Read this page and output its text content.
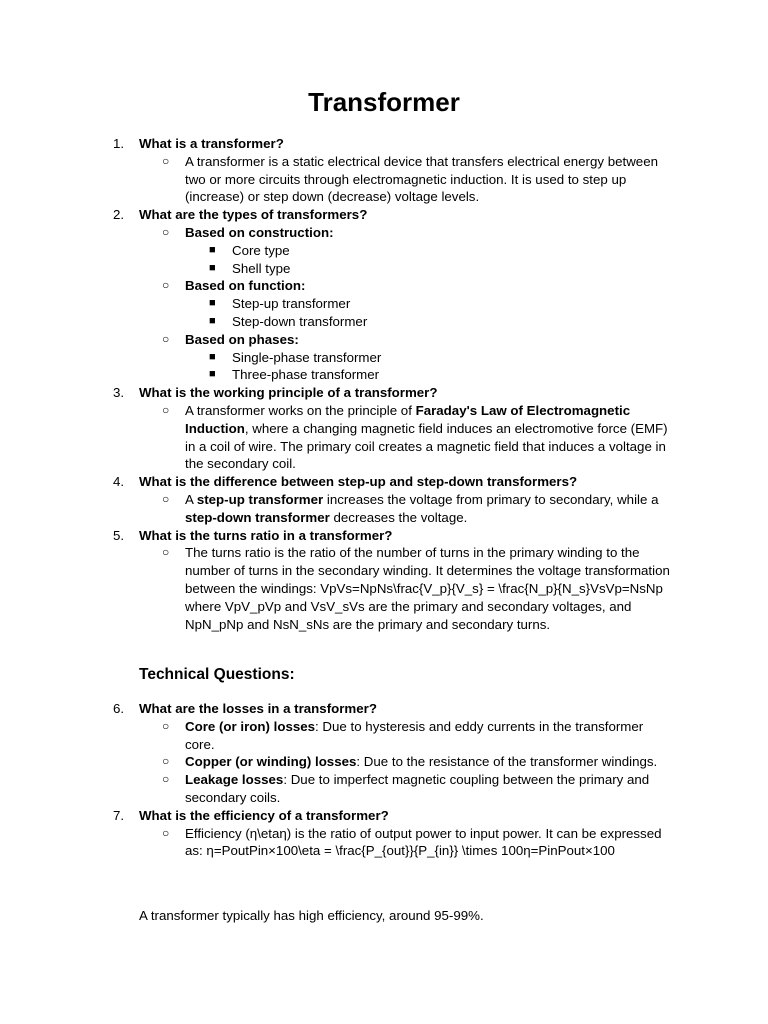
Transformer
1.	What is a transformer?
○ A transformer is a static electrical device that transfers electrical energy between two or more circuits through electromagnetic induction. It is used to step up (increase) or step down (decrease) voltage levels.
2.	What are the types of transformers?
○ Based on construction:
■ Core type
■ Shell type
○ Based on function:
■ Step-up transformer
■ Step-down transformer
○ Based on phases:
■ Single-phase transformer
■ Three-phase transformer
3.	What is the working principle of a transformer?
○ A transformer works on the principle of Faraday's Law of Electromagnetic Induction, where a changing magnetic field induces an electromotive force (EMF) in a coil of wire. The primary coil creates a magnetic field that induces a voltage in the secondary coil.
4.	What is the difference between step-up and step-down transformers?
○ A step-up transformer increases the voltage from primary to secondary, while a step-down transformer decreases the voltage.
5.	What is the turns ratio in a transformer?
○ The turns ratio is the ratio of the number of turns in the primary winding to the number of turns in the secondary winding. It determines the voltage transformation between the windings: VpVs=NpNs\frac{V_p}{V_s} = \frac{N_p}{N_s}VsVp=NsNp where VpV_pVp and VsV_sVs are the primary and secondary voltages, and NpN_pNp and NsN_sNs are the primary and secondary turns.
Technical Questions:
6.	What are the losses in a transformer?
○ Core (or iron) losses: Due to hysteresis and eddy currents in the transformer core.
○ Copper (or winding) losses: Due to the resistance of the transformer windings.
○ Leakage losses: Due to imperfect magnetic coupling between the primary and secondary coils.
7.	What is the efficiency of a transformer?
○ Efficiency (η\etaη) is the ratio of output power to input power. It can be expressed as: η=PoutPin×100\eta = \frac{P_{out}}{P_{in}} \times 100η=PinPout×100

A transformer typically has high efficiency, around 95-99%.
